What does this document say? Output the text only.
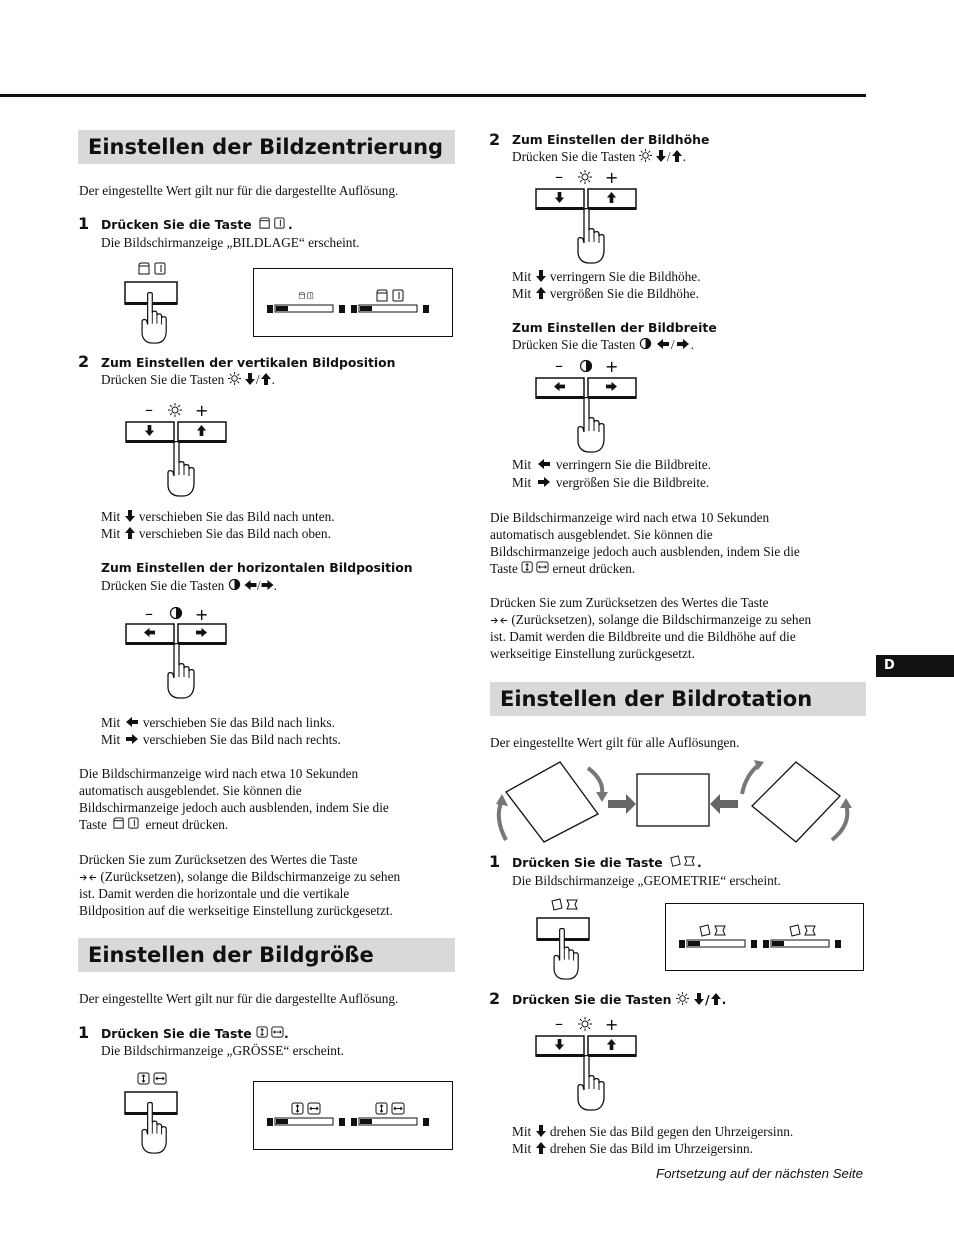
Einstellen der Bildzentrierung
Der eingestellte Wert gilt nur für die dargestellte Auflösung.
1 Drücken Sie die Taste	.
Die Bildschirmanzeige „BILDLAGE“ erscheint.
2 Zum Einstellen der vertikalen Bildposition
Drücken Sie die Tasten / .
–	+
Mit verschieben Sie das Bild nach unten.
Mit verschieben Sie das Bild nach oben.
Zum Einstellen der horizontalen Bildposition
Drücken Sie die Tasten / .
–	+
Mit verschieben Sie das Bild nach links.
Mit verschieben Sie das Bild nach rechts.
Die Bildschirmanzeige wird nach etwa 10 Sekunden
automatisch ausgeblendet. Sie können die
Bildschirmanzeige jedoch auch ausblenden, indem Sie die
Taste	erneut drücken.
Drücken Sie zum Zurücksetzen des Wertes die Taste
(Zurücksetzen), solange die Bildschirmanzeige zu sehen
ist. Damit werden die horizontale und die vertikale
Bildposition auf die werkseitige Einstellung zurückgesetzt.
Einstellen der Bildgröße
Der eingestellte Wert gilt nur für die dargestellte Auflösung.
1 Drücken Sie die Taste	.
Die Bildschirmanzeige „GRÖSSE“ erscheint.
2 Zum Einstellen der Bildhöhe
Drücken Sie die Tasten / .
–	+
Mit verringern Sie die Bildhöhe.
Mit vergrößen Sie die Bildhöhe.
Zum Einstellen der Bildbreite
Drücken Sie die Tasten	/ .
–	+
Mit verringern Sie die Bildbreite.
Mit vergrößen Sie die Bildbreite.
Die Bildschirmanzeige wird nach etwa 10 Sekunden
automatisch ausgeblendet. Sie können die
Bildschirmanzeige jedoch auch ausblenden, indem Sie die
Taste	erneut drücken.
Drücken Sie zum Zurücksetzen des Wertes die Taste
(Zurücksetzen), solange die Bildschirmanzeige zu sehen
ist. Damit werden die Bildbreite und die Bildhöhe auf die
werkseitige Einstellung zurückgesetzt.
D
Einstellen der Bildrotation
Der eingestellte Wert gilt für alle Auflösungen.
1 Drücken Sie die Taste	.
Die Bildschirmanzeige „GEOMETRIE“ erscheint.
2 Drücken Sie die Tasten	/ .
–	+
Mit drehen Sie das Bild gegen den Uhrzeigersinn.
Mit drehen Sie das Bild im Uhrzeigersinn.
Fortsetzung auf der nächsten Seite
